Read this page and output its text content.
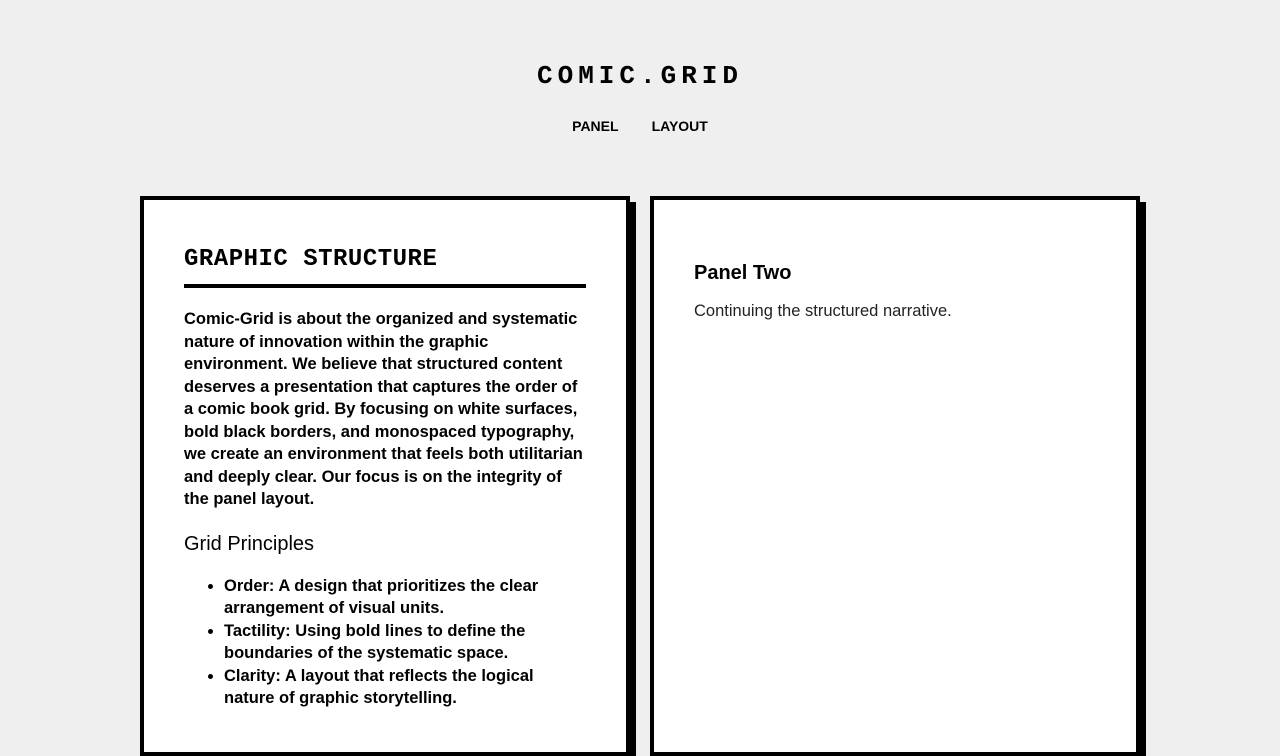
COMIC.GRID
PANEL LAYOUT
GRAPHIC STRUCTURE

Comic-Grid is about the organized and systematic nature of innovation within the graphic environment. We believe that structured content deserves a presentation that captures the order of a comic book grid. By focusing on white surfaces, bold black borders, and monospaced typography, we create an environment that feels both utilitarian and deeply clear. Our focus is on the integrity of the panel layout.

Grid Principles
• Order: A design that prioritizes the clear arrangement of visual units.
• Tactility: Using bold lines to define the boundaries of the systematic space.
• Clarity: A layout that reflects the logical nature of graphic storytelling.
Panel Two

Continuing the structured narrative.
